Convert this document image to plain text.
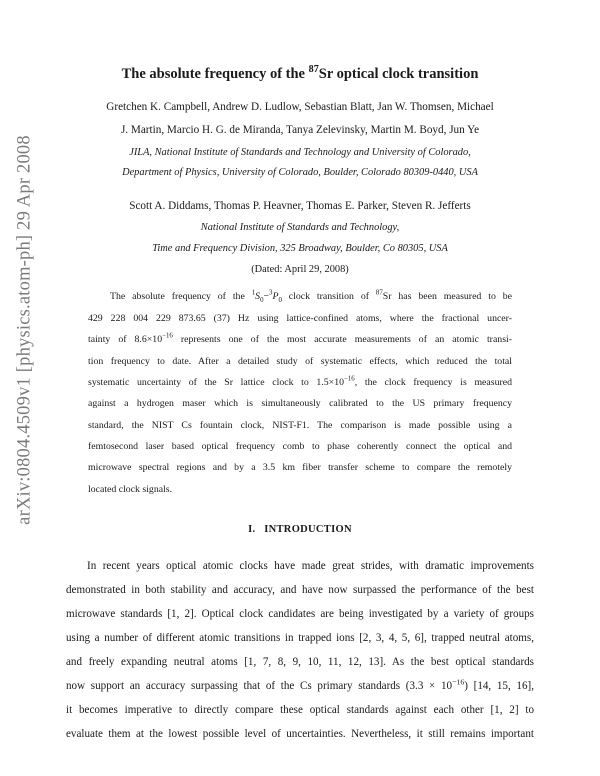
arXiv:0804.4509v1 [physics.atom-ph] 29 Apr 2008
The absolute frequency of the $^{87}$Sr optical clock transition
Gretchen K. Campbell, Andrew D. Ludlow, Sebastian Blatt, Jan W. Thomsen, Michael
J. Martin, Marcio H. G. de Miranda, Tanya Zelevinsky, Martin M. Boyd, Jun Ye
JILA, National Institute of Standards and Technology and University of Colorado,
Department of Physics, University of Colorado, Boulder, Colorado 80309-0440, USA
Scott A. Diddams, Thomas P. Heavner, Thomas E. Parker, Steven R. Jefferts
National Institute of Standards and Technology,
Time and Frequency Division, 325 Broadway, Boulder, Co 80305, USA
(Dated: April 29, 2008)
The absolute frequency of the $^1S_0-^3P_0$ clock transition of $^{87}$Sr has been measured to be
429 228 004 229 873.65 (37) Hz using lattice-confined atoms, where the fractional uncer-
tainty of $8.6\times 10^{-16}$ represents one of the most accurate measurements of an atomic transi-
tion frequency to date. After a detailed study of systematic effects, which reduced the total
systematic uncertainty of the Sr lattice clock to $1.5\times 10^{-16}$, the clock frequency is measured
against a hydrogen maser which is simultaneously calibrated to the US primary frequency
standard, the NIST Cs fountain clock, NIST-F1. The comparison is made possible using a
femtosecond laser based optical frequency comb to phase coherently connect the optical and
microwave spectral regions and by a 3.5 km fiber transfer scheme to compare the remotely
located clock signals.
I. INTRODUCTION
In recent years optical atomic clocks have made great strides, with dramatic improvements
demonstrated in both stability and accuracy, and have now surpassed the performance of the best
microwave standards [1, 2]. Optical clock candidates are being investigated by a variety of groups
using a number of different atomic transitions in trapped ions [2, 3, 4, 5, 6], trapped neutral atoms,
and freely expanding neutral atoms [1, 7, 8, 9, 10, 11, 12, 13]. As the best optical standards
now support an accuracy surpassing that of the Cs primary standards $(3.3 \times 10^{-16})$ [14, 15, 16],
it becomes imperative to directly compare these optical standards against each other [1, 2] to
evaluate them at the lowest possible level of uncertainties. Nevertheless, it still remains important
